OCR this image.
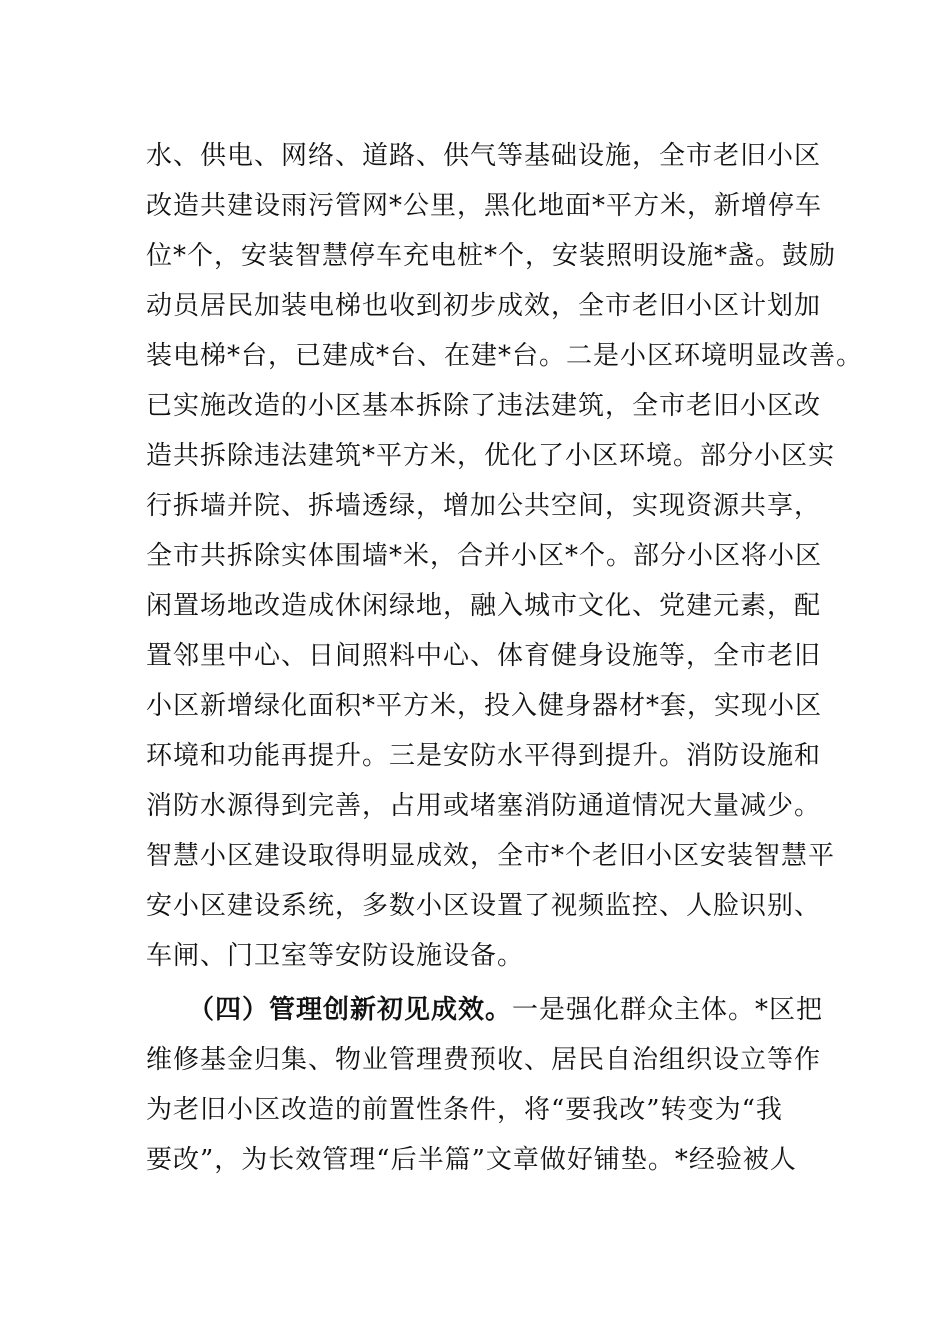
水、供电、网络、道路、供气等基础设施，全市老旧小区
改造共建设雨污管网*公里，黑化地面*平方米，新增停车
位*个，安装智慧停车充电桩*个，安装照明设施*盏。鼓励
动员居民加装电梯也收到初步成效，全市老旧小区计划加
装电梯*台，已建成*台、在建*台。二是小区环境明显改善。
已实施改造的小区基本拆除了违法建筑，全市老旧小区改
造共拆除违法建筑*平方米，优化了小区环境。部分小区实
行拆墙并院、拆墙透绿，增加公共空间，实现资源共享，
全市共拆除实体围墙*米，合并小区*个。部分小区将小区
闲置场地改造成休闲绿地，融入城市文化、党建元素，配
置邻里中心、日间照料中心、体育健身设施等，全市老旧
小区新增绿化面积*平方米，投入健身器材*套，实现小区
环境和功能再提升。三是安防水平得到提升。消防设施和
消防水源得到完善，占用或堵塞消防通道情况大量减少。
智慧小区建设取得明显成效，全市*个老旧小区安装智慧平
安小区建设系统，多数小区设置了视频监控、人脸识别、
车闸、门卫室等安防设施设备。
（四）管理创新初见成效。一是强化群众主体。*区把
维修基金归集、物业管理费预收、居民自治组织设立等作
为老旧小区改造的前置性条件，将“要我改”转变为“我
要改”，为长效管理“后半篇”文章做好铺垫。*经验被人
